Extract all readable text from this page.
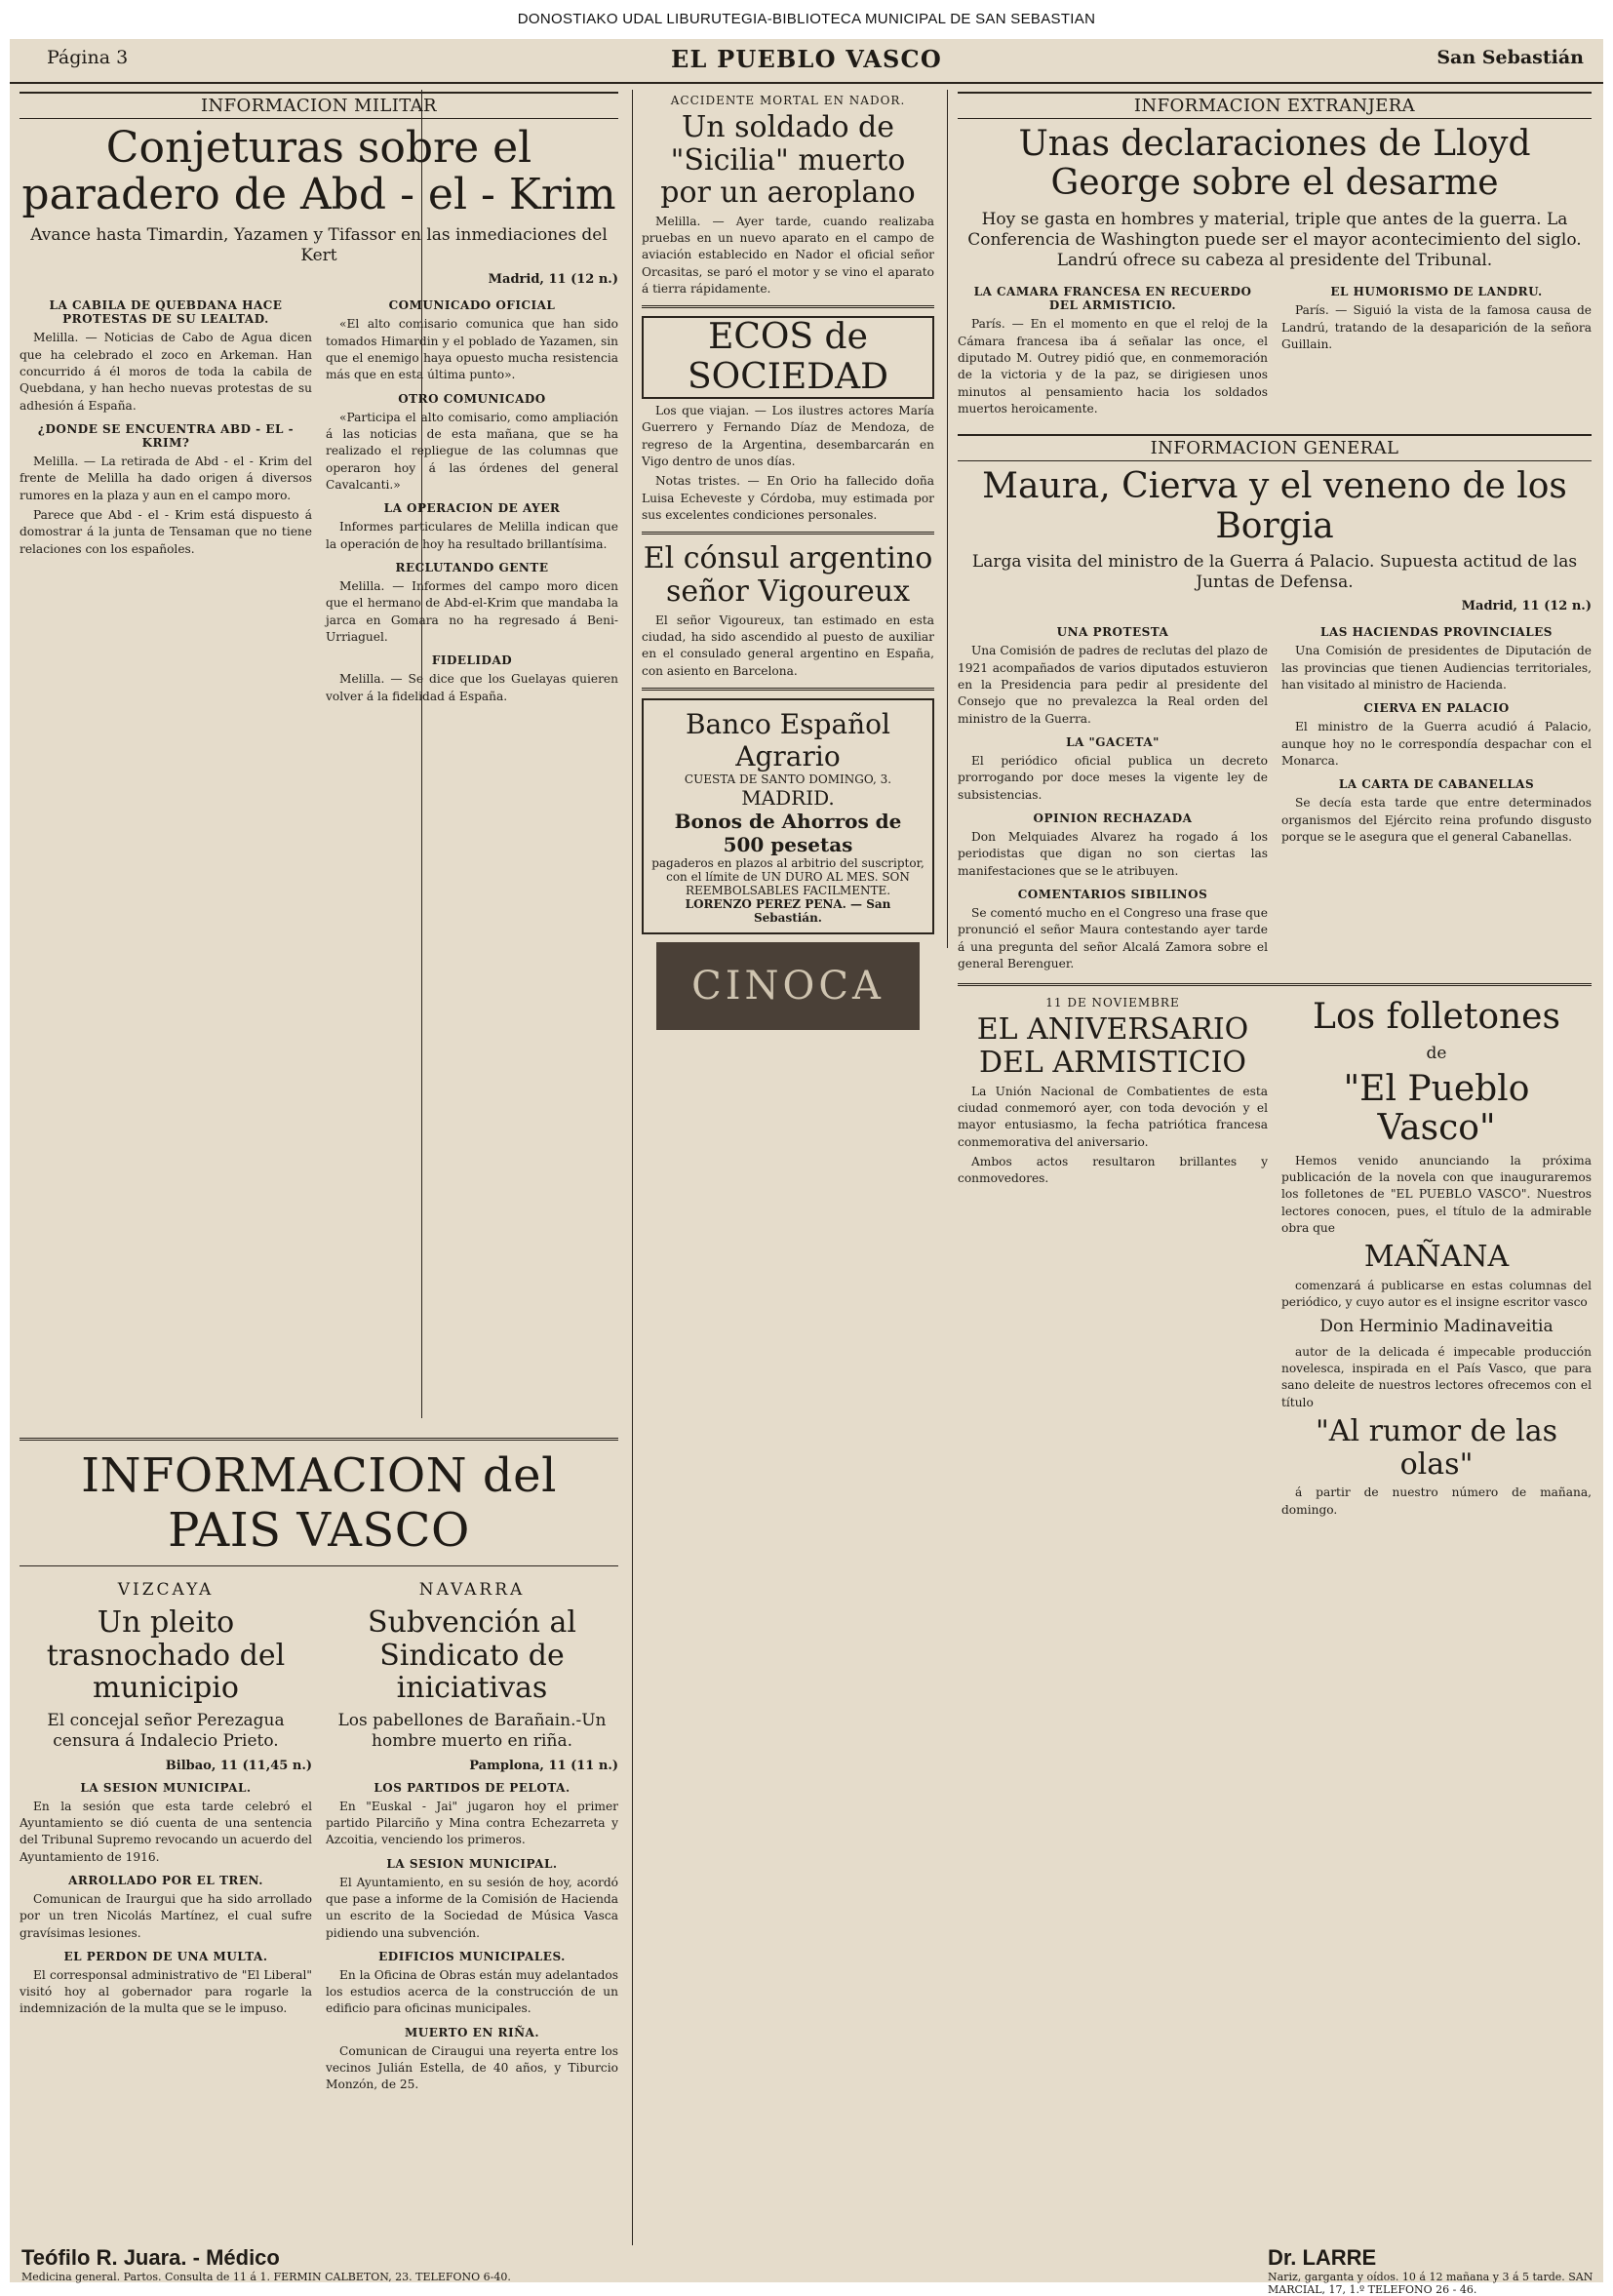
DONOSTIAKO UDAL LIBURUTEGIA-BIBLIOTECA MUNICIPAL DE SAN SEBASTIAN
Página 3	EL PUEBLO VASCO	San Sebastián
INFORMACION MILITAR
Conjeturas sobre el paradero de Abd - el - Krim
Avance hasta Timardin, Yazamen y Tifassor en las inmediaciones del Kert
Madrid, 11 (12 n.)
LA CABILA DE QUEBDANA HACE PROTESTAS DE SU LEALTAD.

Melilla. — Noticias de Cabo de Agua dicen que ha celebrado el zoco en Arkeman. Han concurrido á él moros de toda la cabila de Quebdana, y han hecho nuevas protestas de su adhesión á España.

¿DONDE SE ENCUENTRA ABD - EL - KRIM?

Melilla. — La retirada de Abd - el - Krim del frente de Melilla ha dado origen á diversos rumores en la plaza y aun en el campo moro.

Parece que Abd - el - Krim está dispuesto á domostrar á la junta de Tensaman que no tiene relaciones con los españoles.

COMUNICADO OFICIAL

«El alto comisario comunica que han sido tomados Himardin y el poblado de Yazamen, sin que el enemigo haya opuesto mucha resistencia más que en esta última punto».

OTRO COMUNICADO

«Participa el alto comisario, como ampliación á las noticias de esta mañana, que se ha realizado el repliegue de las columnas que operaron hoy á las órdenes del general Cavalcanti.»

LA OPERACION DE AYER

Informes particulares de Melilla indican que la operación de hoy ha resultado brillantísima.

RECLUTANDO GENTE

Melilla. — Informes del campo moro dicen que el hermano de Abd-el-Krim que mandaba la jarca en Gomara no ha regresado á Beni-Urriaguel.

FIDELIDAD

Melilla. — Se dice que los Guelayas quieren volver á la fidelidad á España.

ACCIDENTE MORTAL EN NADOR.
Un soldado de "Sicilia" muerto por un aeroplano

Melilla. — Ayer tarde, cuando realizaba pruebas en un nuevo aparato en el campo de aviación establecido en Nador el oficial señor Orcasitas, se paró el motor y se vino el aparato á tierra rápidamente.

ECOS de SOCIEDAD

Los que viajan. — Los ilustres actores María Guerrero y Fernando Díaz de Mendoza, de regreso de la Argentina, desembarcarán en Vigo dentro de unos días.

Notas tristes. — En Orio ha fallecido doña Luisa Echeveste y Córdoba, muy estimada por sus excelentes condiciones personales.

El cónsul argentino señor Vigoureux

El señor Vigoureux, tan estimado en esta ciudad, ha sido ascendido al puesto de auxiliar en el consulado general argentino en España, con asiento en Barcelona.

Banco Español Agrario
CUESTA DE SANTO DOMINGO, 3.
MADRID.
Bonos de Ahorros de 500 pesetas
pagaderos en plazos al arbitrio del suscriptor, con el límite de UN DURO AL MES. SON REEMBOLSABLES FACILMENTE.
LORENZO PEREZ PENA. — San Sebastián.
CINOCA
INFORMACION EXTRANJERA
Unas declaraciones de Lloyd George sobre el desarme
Hoy se gasta en hombres y material, triple que antes de la guerra. La Conferencia de Washington puede ser el mayor acontecimiento del siglo. Landrú ofrece su cabeza al presidente del Tribunal.
LA CAMARA FRANCESA EN RECUERDO DEL ARMISTICIO.

París. — En el momento en que el reloj de la Cámara francesa iba á señalar las once, el diputado M. Outrey pidió que, en conmemoración de la victoria y de la paz, se dirigiesen unos minutos al pensamiento hacia los soldados muertos heroicamente.

EL HUMORISMO DE LANDRU.

París. — Siguió la vista de la famosa causa de Landrú, tratando de la desaparición de la señora Guillain.

INFORMACION GENERAL
Maura, Cierva y el veneno de los Borgia
Larga visita del ministro de la Guerra á Palacio. Supuesta actitud de las Juntas de Defensa.
Madrid, 11 (12 n.)
UNA PROTESTA

Una Comisión de padres de reclutas del plazo de 1921 acompañados de varios diputados estuvieron en la Presidencia para pedir al presidente del Consejo que no prevalezca la Real orden del ministro de la Guerra.

LA "GACETA"

El periódico oficial publica un decreto prorrogando por doce meses la vigente ley de subsistencias.

OPINION RECHAZADA

Don Melquiades Alvarez ha rogado á los periodistas que digan no son ciertas las manifestaciones que se le atribuyen.

COMENTARIOS SIBILINOS

Se comentó mucho en el Congreso una frase que pronunció el señor Maura contestando ayer tarde á una pregunta del señor Alcalá Zamora sobre el general Berenguer.

LAS HACIENDAS PROVINCIALES

Una Comisión de presidentes de Diputación de las provincias que tienen Audiencias territoriales, han visitado al ministro de Hacienda.

CIERVA EN PALACIO

El ministro de la Guerra acudió á Palacio, aunque hoy no le correspondía despachar con el Monarca.

LA CARTA DE CABANELLAS

Se decía esta tarde que entre determinados organismos del Ejército reina profundo disgusto porque se le asegura que el general Cabanellas.

11 DE NOVIEMBRE
EL ANIVERSARIO DEL ARMISTICIO

La Unión Nacional de Combatientes de esta ciudad conmemoró ayer, con toda devoción y el mayor entusiasmo, la fecha patriótica francesa conmemorativa del aniversario.

Ambos actos resultaron brillantes y conmovedores.

Los folletones
de
"El Pueblo Vasco"

Hemos venido anunciando la próxima publicación de la novela con que inauguraremos los folletones de "EL PUEBLO VASCO". Nuestros lectores conocen, pues, el título de la admirable obra que

MAÑANA

comenzará á publicarse en estas columnas del periódico, y cuyo autor es el insigne escritor vasco

Don Herminio Madinaveitia

autor de la delicada é impecable producción novelesca, inspirada en el País Vasco, que para sano deleite de nuestros lectores ofrecemos con el título

"Al rumor de las olas"

á partir de nuestro número de mañana, domingo.

INFORMACION del PAIS VASCO
VIZCAYA
Un pleito trasnochado del municipio
El concejal señor Perezagua censura á Indalecio Prieto.
Bilbao, 11 (11,45 n.)
LA SESION MUNICIPAL.

En la sesión que esta tarde celebró el Ayuntamiento se dió cuenta de una sentencia del Tribunal Supremo revocando un acuerdo del Ayuntamiento de 1916.

ARROLLADO POR EL TREN.

Comunican de Iraurgui que ha sido arrollado por un tren Nicolás Martínez, el cual sufre gravísimas lesiones.

EL PERDON DE UNA MULTA.

El corresponsal administrativo de "El Liberal" visitó hoy al gobernador para rogarle la indemnización de la multa que se le impuso.

NAVARRA
Subvención al Sindicato de iniciativas
Los pabellones de Barañain.-Un hombre muerto en riña.
Pamplona, 11 (11 n.)
LOS PARTIDOS DE PELOTA.

En "Euskal - Jai" jugaron hoy el primer partido Pilarciño y Mina contra Echezarreta y Azcoitia, venciendo los primeros.

LA SESION MUNICIPAL.

El Ayuntamiento, en su sesión de hoy, acordó que pase a informe de la Comisión de Hacienda un escrito de la Sociedad de Música Vasca pidiendo una subvención.

EDIFICIOS MUNICIPALES.

En la Oficina de Obras están muy adelantados los estudios acerca de la construcción de un edificio para oficinas municipales.

MUERTO EN RIÑA.

Comunican de Ciraugui una reyerta entre los vecinos Julián Estella, de 40 años, y Tiburcio Monzón, de 25.

Teófilo R. Juara. - Médico
Medicina general. Partos. Consulta de 11 á 1. FERMIN CALBETON, 23. TELEFONO 6-40.
Dr. LARRE
Nariz, garganta y oídos. 10 á 12 mañana y 3 á 5 tarde. SAN MARCIAL, 17, 1.º TELEFONO 26 - 46.
